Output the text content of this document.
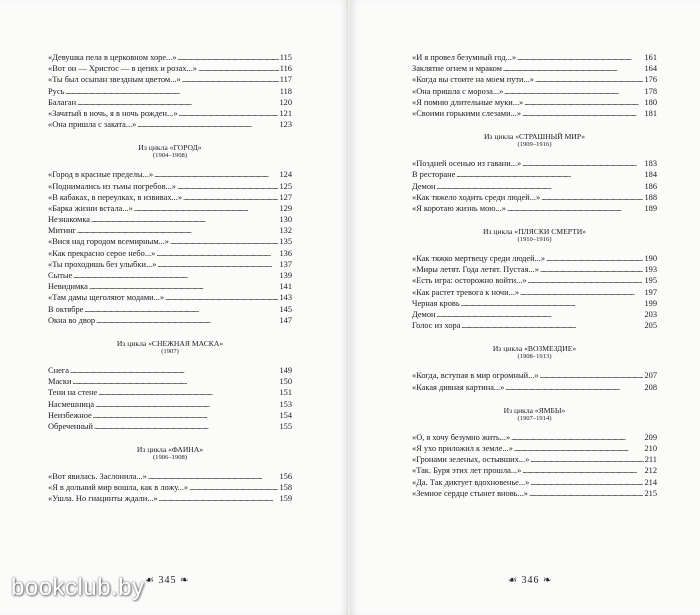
«Девушка пела в церковном хоре...» . . .	115
«Вот он — Христос — в цепях и розах...» . . .	116
«Ты был осыпан звездным цветом...» . . .	117
Русь . . .	118
Балаган . . .	120
«Зачатый в ночь, я в ночь рожден...» . . .	121
«Она пришла с заката...» . . .	123
Из цикла «ГОРОД»
(1904–1908)
«Город в красные пределы...» . . .	124
«Поднимались из тьмы погребов...» . . .	125
«В кабаках, в переулках, в извивах...» . . .	127
«Барка жизни встала...» . . .	129
Незнакомка . . .	130
Митинг . . .	132
«Вися над городом всемирным...» . . .	135
«Как прекрасно серое небо...» . . .	136
«Ты проходишь без улыбки...» . . .	137
Сытые . . .	139
Невидимка . . .	141
«Там дамы щеголяют модами...» . . .	143
В октябре . . .	145
Окна во двор . . .	147
Из цикла «СНЕЖНАЯ МАСКА»
(1907)
Снега . . .	149
Маски . . .	150
Тени на стене . . .	151
Насмешница . . .	153
Неизбежное . . .	154
Обреченный . . .	155
Из цикла «ФАИНА»
(1906–1908)
«Вот явилась. Заслонила...» . . .	156
«Я в дольний мир вошла, как в ложу...» . . .	158
«Ушла. Но гиацинты ждали...» . . .	159
☙ 345 ❧
«И я провел безумный год...» . . .	161
Заклятие огнем и мраком . . .	164
«Когда вы стоите на моем пути...» . . .	176
«Она пришла с мороза...» . . .	178
«Я помню длительные муки...» . . .	180
«Своими горькими слезами...» . . .	181
Из цикла «СТРАШНЫЙ МИР»
(1909–1916)
«Поздней осенью из гавани...» . . .	183
В ресторане . . .	184
Демон . . .	186
«Как тяжело ходить среди людей...» . . .	188
«Я коротаю жизнь мою...» . . .	189
Из цикла «ПЛЯСКИ СМЕРТИ»
(1910–1916)
«Как тяжко мертвецу среди людей...» . . .	190
«Миры летят. Года летят. Пустая...» . . .	193
«Есть игра: осторожно войти...» . . .	195
«Как растет тревога к ночи...» . . .	197
Черная кровь . . .	199
Демон . . .	203
Голос из хора . . .	205
Из цикла «ВОЗМЕЗДИЕ»
(1908–1913)
«Когда, вступая в мир огромный...» . . .	207
«Какая дивная картина...» . . .	208
Из цикла «ЯМБЫ»
(1907–1914)
«О, я хочу безумно жить...» . . .	209
«Я ухо приложил к земле...» . . .	210
«Гронами зеленых, остывших...» . . .	211
«Так. Буря этих лет прошла...» . . .	212
«Да. Так диктует вдохновенье...» . . .	214
«Земное сердце стынет вновь...» . . .	215
☙ 346 ❧
bookclub.by
